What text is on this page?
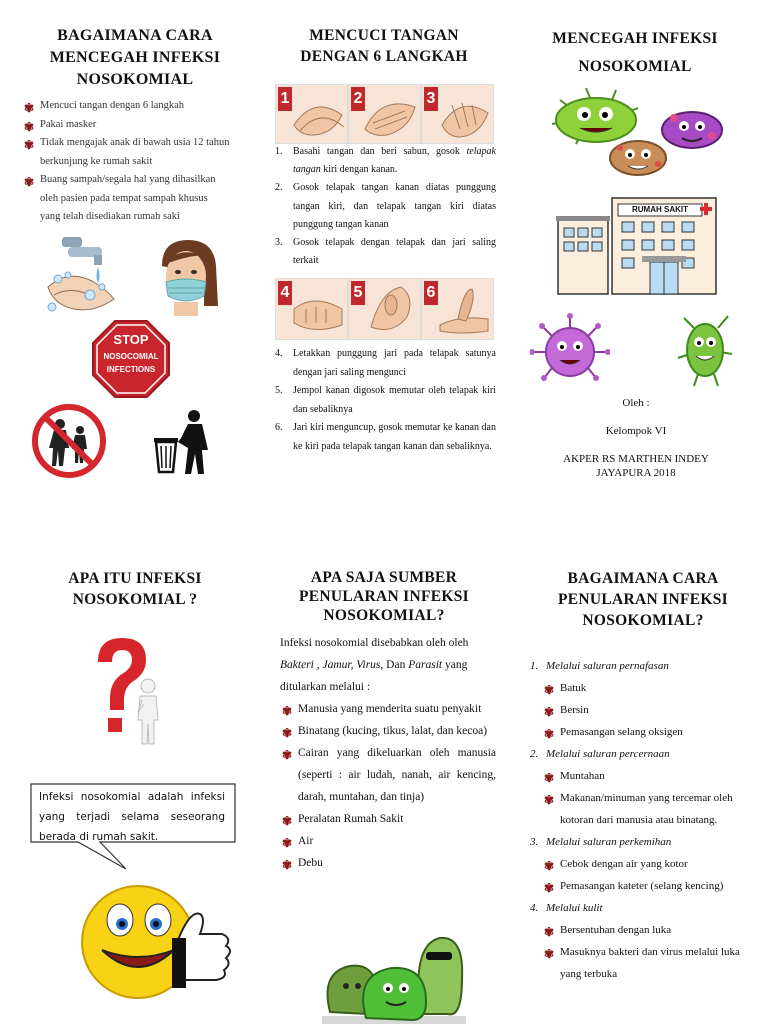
BAGAIMANA CARA
MENCEGAH INFEKSI
NOSOKOMIAL
✾ Mencuci tangan dengan 6 langkah
✾ Pakai masker
✾ Tidak mengajak anak di bawah usia 12 tahun berkunjung ke rumah sakit
✾ Buang sampah/segala hal yang dihasilkan oleh pasien pada tempat sampah khusus yang telah disediakan rumah saki
STOP
NOSOCOMIAL
INFECTIONS
MENCUCI TANGAN
DENGAN 6 LANGKAH
1	2	3
1. Basahi tangan dan beri sabun, gosok telapak tangan kiri dengan kanan.
2. Gosok telapak tangan kanan diatas punggung tangan kiri, dan telapak tangan kiri diatas punggung tangan kanan
3. Gosok telapak dengan telapak dan jari saling terkait
4	5	6
4. Letakkan punggung jari pada telapak satunya dengan jari saling mengunci
5. Jempol kanan digosok memutar oleh telapak kiri dan sebaliknya
6. Jari kiri menguncup, gosok memutar ke kanan dan ke kiri pada telapak tangan kanan dan sebaliknya.
MENCEGAH INFEKSI
NOSOKOMIAL
RUMAH SAKIT
Oleh :
Kelompok VI
AKPER RS MARTHEN INDEY
JAYAPURA 2018
APA ITU INFEKSI
NOSOKOMIAL ?
Infeksi nosokomial adalah infeksi yang terjadi selama seseorang berada di rumah sakit.
APA SAJA SUMBER
PENULARAN INFEKSI
NOSOKOMIAL?
Infeksi nosokomial disebabkan oleh oleh
Bakteri , Jamur, Virus, Dan Parasit yang
ditularkan melalui :
✾ Manusia yang menderita suatu penyakit
✾ Binatang (kucing, tikus, lalat, dan kecoa)
✾ Cairan yang dikeluarkan oleh manusia (seperti : air ludah, nanah, air kencing, darah, muntahan, dan tinja)
✾ Peralatan Rumah Sakit
✾ Air
✾ Debu
BAGAIMANA CARA
PENULARAN INFEKSI
NOSOKOMIAL?
1. Melalui saluran pernafasan
✾ Batuk
✾ Bersin
✾ Pemasangan selang oksigen
2. Melalui saluran percernaan
✾ Muntahan
✾ Makanan/minuman yang tercemar oleh kotoran dari manusia atau binatang.
3. Melalui saluran perkemihan
✾ Cebok dengan air yang kotor
✾ Pemasangan kateter (selang kencing)
4. Melalui kulit
✾ Bersentuhan dengan luka
✾ Masuknya bakteri dan virus melalui luka yang terbuka
